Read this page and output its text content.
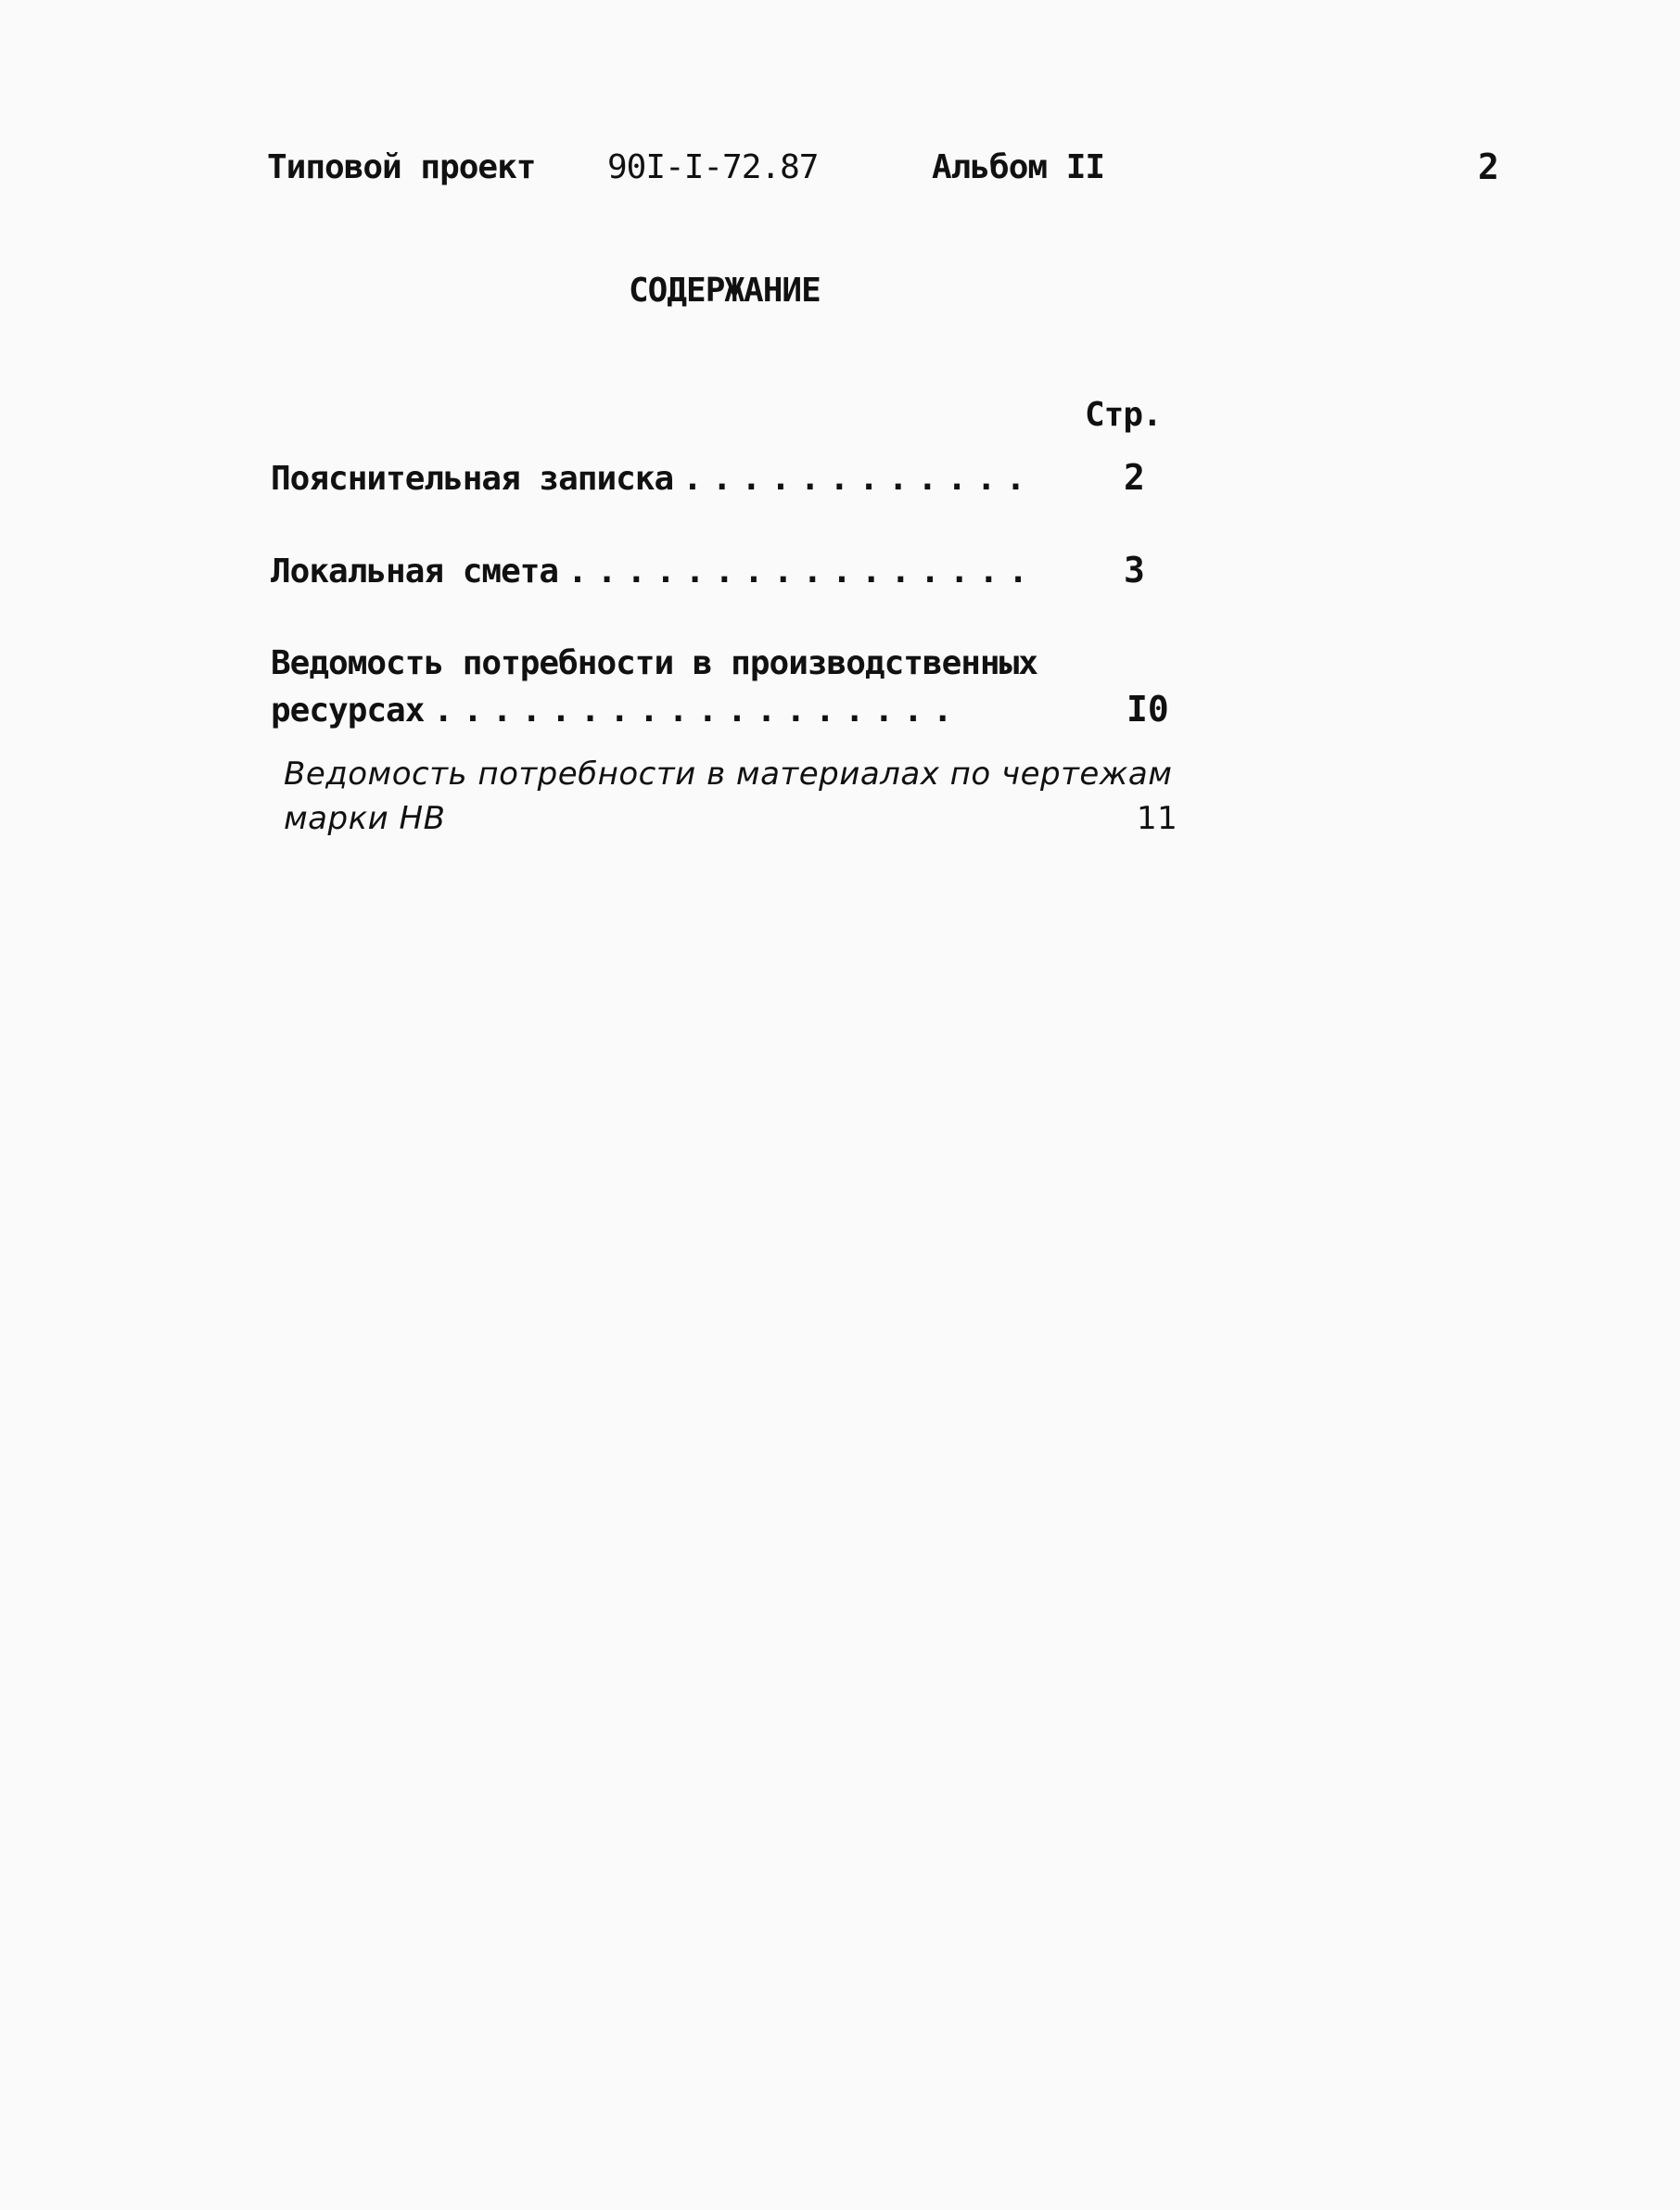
Типовой проект 90I-I-72.87	Альбом II	2
СОДЕРЖАНИЕ
Стр.
Пояснительная записка ............	2
Локальная смета ................ 3
Ведомость потребности в производственных
ресурсах ..................	I0
Ведомость потребности в материалах по чертежам
марки НВ	11
